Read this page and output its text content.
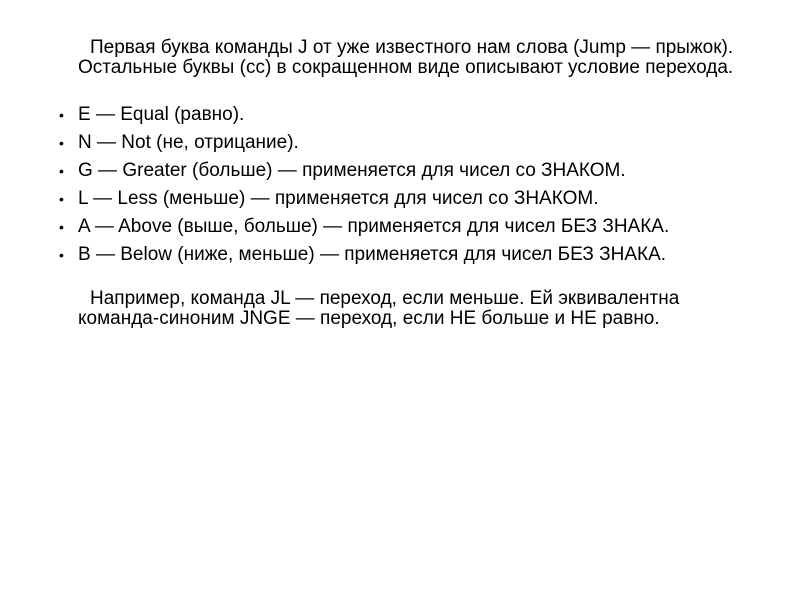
Первая буква команды J от уже известного нам слова (Jump — прыжок). Остальные буквы (cc) в сокращенном виде описывают условие перехода.

• E — Equal (равно).
• N — Not (не, отрицание).
• G — Greater (больше) — применяется для чисел со ЗНАКОМ.
• L — Less (меньше) — применяется для чисел со ЗНАКОМ.
• A — Above (выше, больше) — применяется для чисел БЕЗ ЗНАКА.
• B — Below (ниже, меньше) — применяется для чисел БЕЗ ЗНАКА.

Например, команда JL — переход, если меньше. Ей эквивалентна команда-синоним JNGE — переход, если НЕ больше и НЕ равно.
